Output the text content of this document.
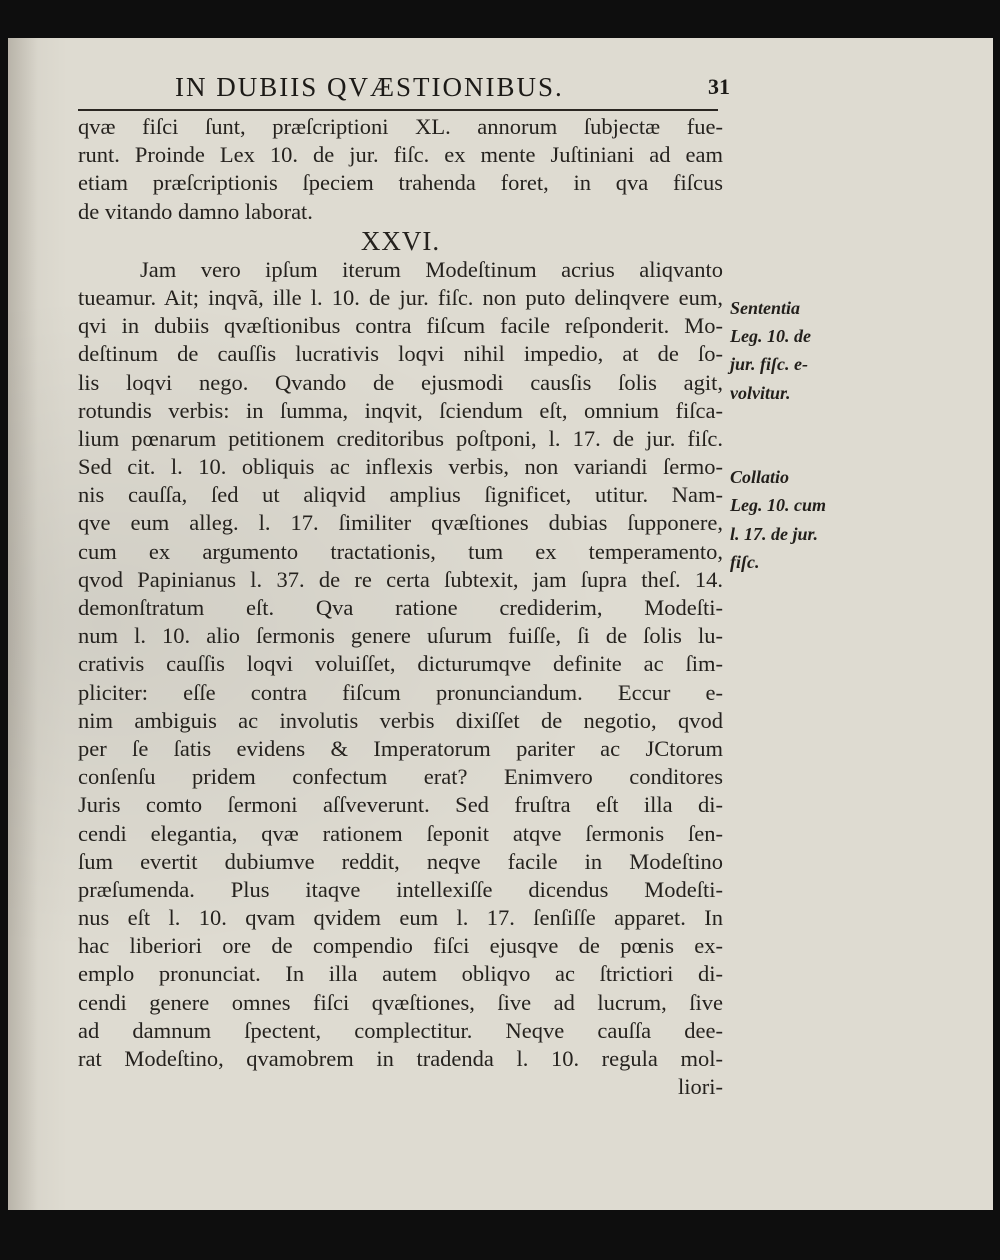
IN DUBIIS QVÆSTIONIBUS.	31
qvæ fiſci ſunt, præſcriptioni XL. annorum ſubjectæ fue-
runt. Proinde Lex 10. de jur. fiſc. ex mente Juſtiniani ad eam
etiam præſcriptionis ſpeciem trahenda foret, in qva fiſcus
de vitando damno laborat.
XXVI.
Jam vero ipſum iterum Modeſtinum acrius aliqvanto
tueamur. Ait; inqvã, ille l. 10. de jur. fiſc. non puto delinqvere eum,
qvi in dubiis qvæſtionibus contra fiſcum facile reſponderit. Mo-
deſtinum de cauſſis lucrativis loqvi nihil impedio, at de ſo-
lis loqvi nego. Qvando de ejusmodi causſis ſolis agit,
rotundis verbis: in ſumma, inqvit, ſciendum eſt, omnium fiſca-
lium pœnarum petitionem creditoribus poſtponi, l. 17. de jur. fiſc.
Sed cit. l. 10. obliquis ac inflexis verbis, non variandi ſermo-
nis cauſſa, ſed ut aliqvid amplius ſignificet, utitur. Nam-
qve eum alleg. l. 17. ſimiliter qvæſtiones dubias ſupponere,
cum ex argumento tractationis, tum ex temperamento,
qvod Papinianus l. 37. de re certa ſubtexit, jam ſupra theſ. 14.
demonſtratum eſt. Qva ratione crediderim, Modeſti-
num l. 10. alio ſermonis genere uſurum fuiſſe, ſi de ſolis lu-
crativis cauſſis loqvi voluiſſet, dicturumqve definite ac ſim-
pliciter: eſſe contra fiſcum pronunciandum. Eccur e-
nim ambiguis ac involutis verbis dixiſſet de negotio, qvod
per ſe ſatis evidens & Imperatorum pariter ac JCtorum
conſenſu pridem confectum erat? Enimvero conditores
Juris comto ſermoni aſſveverunt. Sed fruſtra eſt illa di-
cendi elegantia, qvæ rationem ſeponit atqve ſermonis ſen-
ſum evertit dubiumve reddit, neqve facile in Modeſtino
præſumenda. Plus itaqve intellexiſſe dicendus Modeſti-
nus eſt l. 10. qvam qvidem eum l. 17. ſenſiſſe apparet. In
hac liberiori ore de compendio fiſci ejusqve de pœnis ex-
emplo pronunciat. In illa autem obliqvo ac ſtrictiori di-
cendi genere omnes fiſci qvæſtiones, ſive ad lucrum, ſive
ad damnum ſpectent, complectitur. Neqve cauſſa dee-
rat Modeſtino, qvamobrem in tradenda l. 10. regula mol-
liori-
Sententia
Leg. 10. de
jur. fiſc. e-
volvitur.
Collatio
Leg. 10. cum
l. 17. de jur.
fiſc.
